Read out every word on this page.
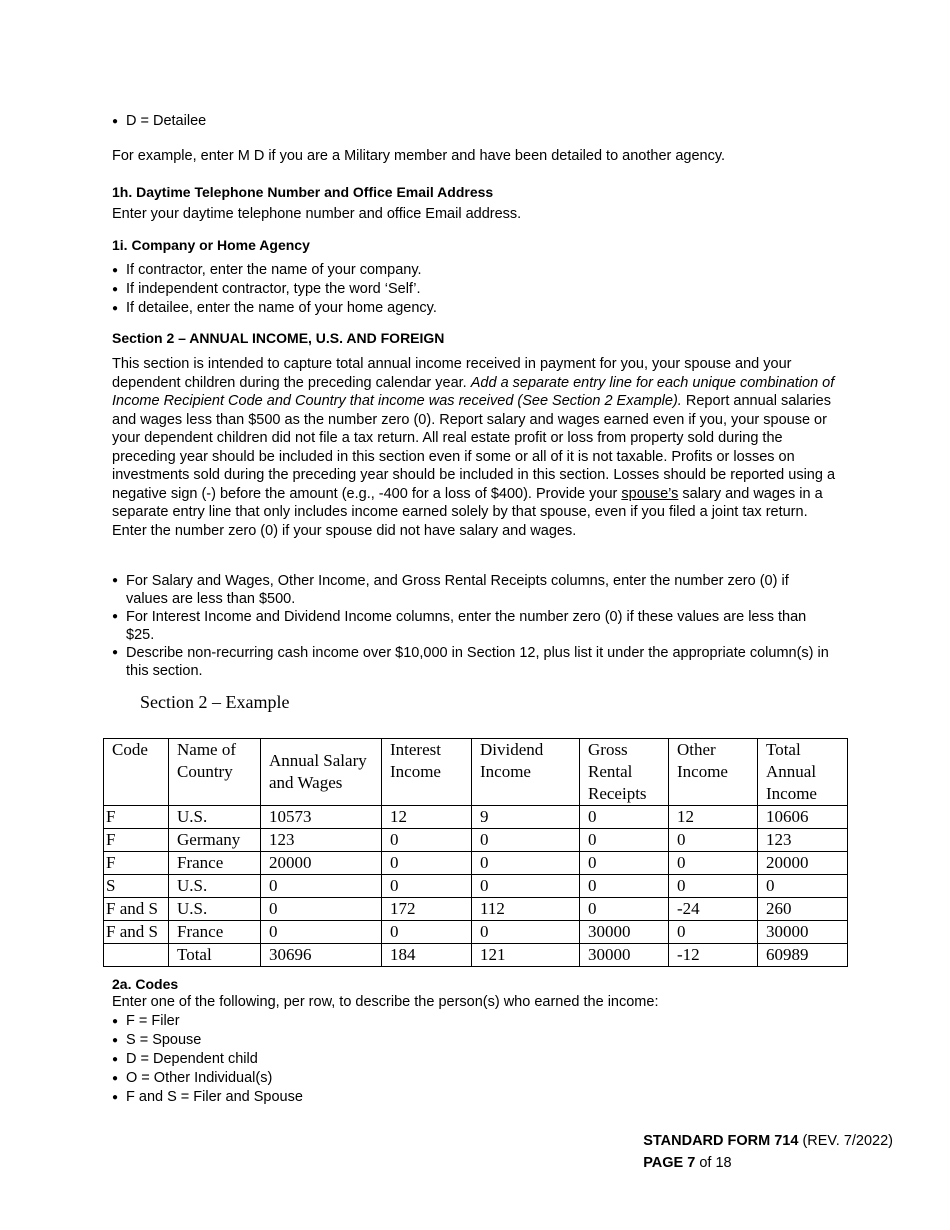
● D = Detailee
For example, enter M D if you are a Military member and have been detailed to another agency.
1h. Daytime Telephone Number and Office Email Address
Enter your daytime telephone number and office Email address.
1i. Company or Home Agency
● If contractor, enter the name of your company.
● If independent contractor, type the word ‘Self’.
● If detailee, enter the name of your home agency.
Section 2 – ANNUAL INCOME, U.S. AND FOREIGN
This section is intended to capture total annual income received in payment for you, your spouse and your dependent children during the preceding calendar year. Add a separate entry line for each unique combination of Income Recipient Code and Country that income was received (See Section 2 Example). Report annual salaries and wages less than $500 as the number zero (0). Report salary and wages earned even if you, your spouse or your dependent children did not file a tax return. All real estate profit or loss from property sold during the preceding year should be included in this section even if some or all of it is not taxable. Profits or losses on investments sold during the preceding year should be included in this section. Losses should be reported using a negative sign (-) before the amount (e.g., -400 for a loss of $400). Provide your spouse’s salary and wages in a separate entry line that only includes income earned solely by that spouse, even if you filed a joint tax return. Enter the number zero (0) if your spouse did not have salary and wages.
● For Salary and Wages, Other Income, and Gross Rental Receipts columns, enter the number zero (0) if values are less than $500.
● For Interest Income and Dividend Income columns, enter the number zero (0) if these values are less than $25.
● Describe non-recurring cash income over $10,000 in Section 12, plus list it under the appropriate column(s) in this section.
Section 2 – Example
Code	Name of Country	Annual Salary and Wages	Interest Income	Dividend Income	Gross Rental Receipts	Other Income	Total Annual Income
F	U.S.	10573	12	9	0	12	10606
F	Germany	123	0	0	0	0	123
F	France	20000	0	0	0	0	20000
S	U.S.	0	0	0	0	0	0
F and S	U.S.	0	172	112	0	-24	260
F and S	France	0	0	0	30000	0	30000
	Total	30696	184	121	30000	-12	60989
2a. Codes
Enter one of the following, per row, to describe the person(s) who earned the income:
● F = Filer
● S = Spouse
● D = Dependent child
● O = Other Individual(s)
● F and S = Filer and Spouse
STANDARD FORM 714 (REV. 7/2022)
PAGE 7 of 18
